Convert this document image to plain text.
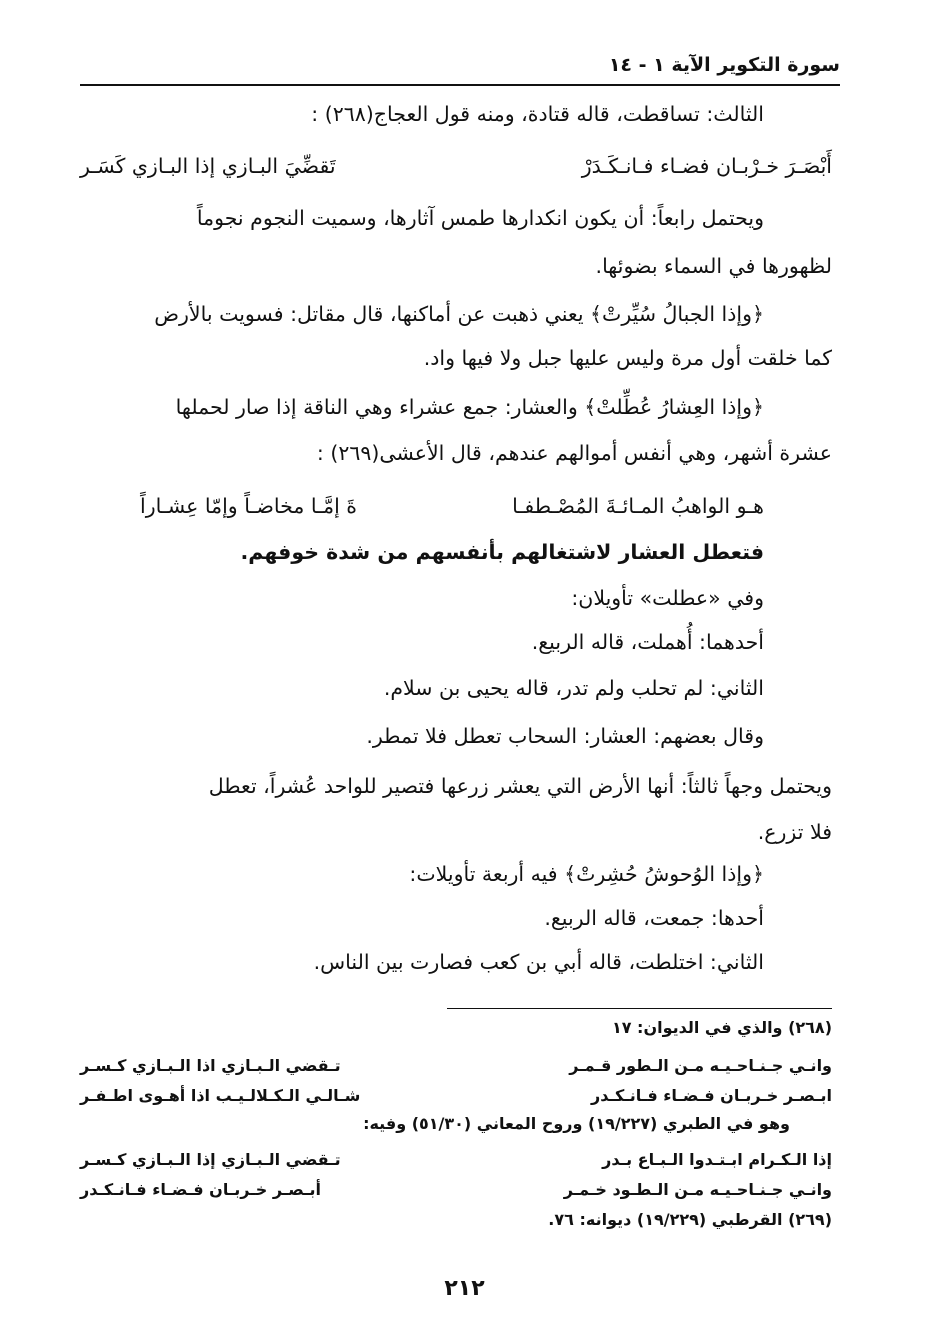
سورة التكوير الآية ١ - ١٤
الثالث: تساقطت، قاله قتادة، ومنه قول العجاج(٢٦٨) :
أَبْصَـرَ خـرْبـان فضـاء فـانـكَـدَرْ
تَقضِّيَ البـازي إذا البـازي كَسَـر
ويحتمل رابعاً: أن يكون انكدارها طمس آثارها، وسميت النجوم نجوماً
لظهورها في السماء بضوئها.
﴿وإذا الجبالُ سُيِّرتْ﴾ يعني ذهبت عن أماكنها، قال مقاتل: فسويت بالأرض
كما خلقت أول مرة وليس عليها جبل ولا فيها واد.
﴿وإذا العِشارُ عُطِّلتْ﴾ والعشار: جمع عشراء وهي الناقة إذا صار لحملها
عشرة أشهر، وهي أنفس أموالهم عندهم، قال الأعشى(٢٦٩) :
هـو الواهبُ المـائـةَ المُصْـطفـا
ةَ إمَّـا مخاضـاً وإمّا عِشـاراً
فتعطل العشار لاشتغالهم بأنفسهم من شدة خوفهم.
وفي «عطلت» تأويلان:
أحدهما: أُهملت، قاله الربيع.
الثاني: لم تحلب ولم تدر، قاله يحيى بن سلام.
وقال بعضهم: العشار: السحاب تعطل فلا تمطر.
ويحتمل وجهاً ثالثاً: أنها الأرض التي يعشر زرعها فتصير للواحد عُشراً، تعطل
فلا تزرع.
﴿وإذا الوُحوشُ حُشِرتْ﴾ فيه أربعة تأويلات:
أحدها: جمعت، قاله الربيع.
الثاني: اختلطت، قاله أبي بن كعب فصارت بين الناس.
(٢٦٨) والذي في الديوان: ١٧
وانـي جـنـاحـيـه مـن الـطور قـمـر
تـقضي الـبـازي اذا الـبـازي كـسـر
ابـصـر خـربـان فـضـاء فـانـكـدر
شـالـي الـكـلالـيـب اذا أهـوى اطـفـر
وهو في الطبري (١٩/٢٢٧) وروح المعاني (٥١/٣٠) وفيه:
إذا الـكـرام ابـتـدوا الـبـاع بـدر
تـقضي الـبـازي إذا الـبـازي كـسـر
وانـي جـنـاحـيـه مـن الـطـود خـمـر
أبـصـر خـربـان فـضـاء فـانـكـدر
(٢٦٩) القرطبي (١٩/٢٢٩) ديوانه: ٧٦.
٢١٢
